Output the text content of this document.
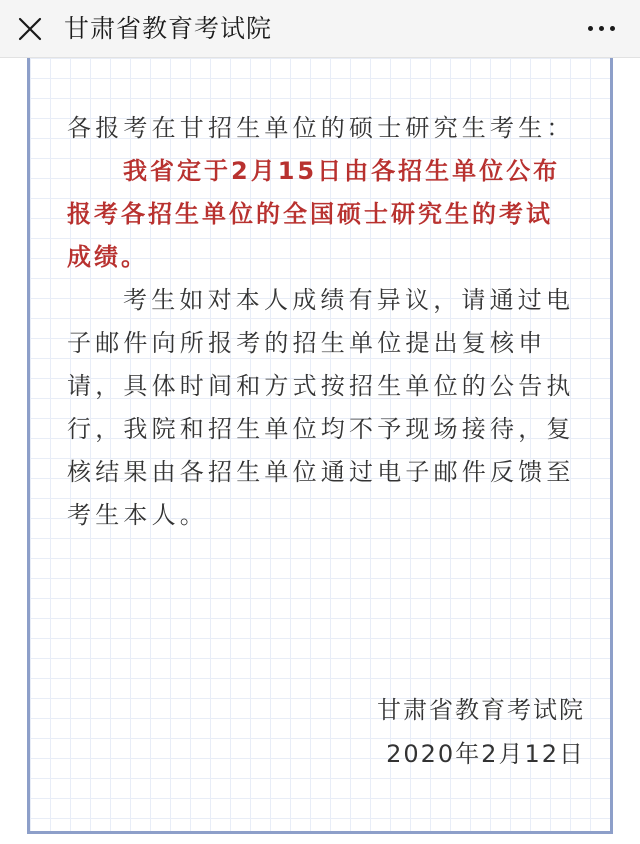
甘肃省教育考试院

各报考在甘招生单位的硕士研究生考生：

我省定于2月15日由各招生单位公布报考各招生单位的全国硕士研究生的考试成绩。

考生如对本人成绩有异议，请通过电子邮件向所报考的招生单位提出复核申请，具体时间和方式按招生单位的公告执行，我院和招生单位均不予现场接待，复核结果由各招生单位通过电子邮件反馈至考生本人。

甘肃省教育考试院
2020年2月12日
